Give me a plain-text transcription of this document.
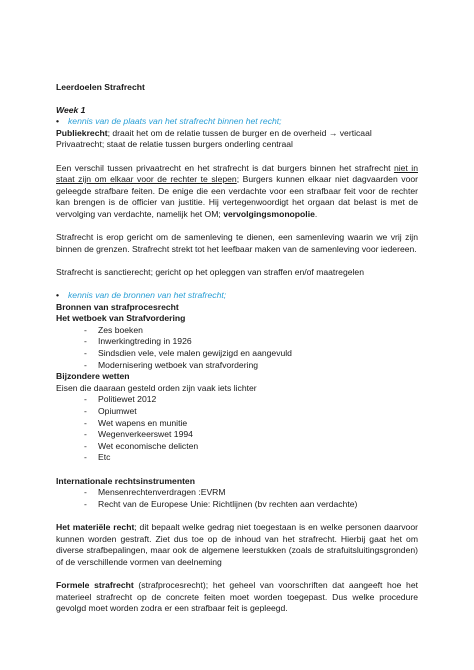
Leerdoelen Strafrecht
Week 1
• kennis van de plaats van het strafrecht binnen het recht;
Publiekrecht; draait het om de relatie tussen de burger en de overheid → verticaal
Privaatrecht; staat de relatie tussen burgers onderling centraal
Een verschil tussen privaatrecht en het strafrecht is dat burgers binnen het strafrecht niet in staat zijn om elkaar voor de rechter te slepen; Burgers kunnen elkaar niet dagvaarden voor geleegde strafbare feiten. De enige die een verdachte voor een strafbaar feit voor de rechter kan brengen is de officier van justitie. Hij vertegenwoordigt het orgaan dat belast is met de vervolging van verdachte, namelijk het OM; vervolgingsmonopolie.
Strafrecht is erop gericht om de samenleving te dienen, een samenleving waarin we vrij zijn binnen de grenzen. Strafrecht strekt tot het leefbaar maken van de samenleving voor iedereen.
Strafrecht is sanctierecht; gericht op het opleggen van straffen en/of maatregelen
• kennis van de bronnen van het strafrecht;
Bronnen van strafprocesrecht
Het wetboek van Strafvordering
- Zes boeken
- Inwerkingtreding in 1926
- Sindsdien vele, vele malen gewijzigd en aangevuld
- Modernisering wetboek van strafvordering
Bijzondere wetten
Eisen die daaraan gesteld orden zijn vaak iets lichter
- Politiewet 2012
- Opiumwet
- Wet wapens en munitie
- Wegenverkeerswet 1994
- Wet economische delicten
- Etc
Internationale rechtsinstrumenten
- Mensenrechtenverdragen :EVRM
- Recht van de Europese Unie: Richtlijnen (bv rechten aan verdachte)
Het materiële recht; dit bepaalt welke gedrag niet toegestaan is en welke personen daarvoor kunnen worden gestraft. Ziet dus toe op de inhoud van het strafrecht. Hierbij gaat het om diverse strafbepalingen, maar ook de algemene leerstukken (zoals de strafuitsluitingsgronden) of de verschillende vormen van deelneming
Formele strafrecht (strafprocesrecht); het geheel van voorschriften dat aangeeft hoe het materieel strafrecht op de concrete feiten moet worden toegepast. Dus welke procedure gevolgd moet worden zodra er een strafbaar feit is gepleegd.
